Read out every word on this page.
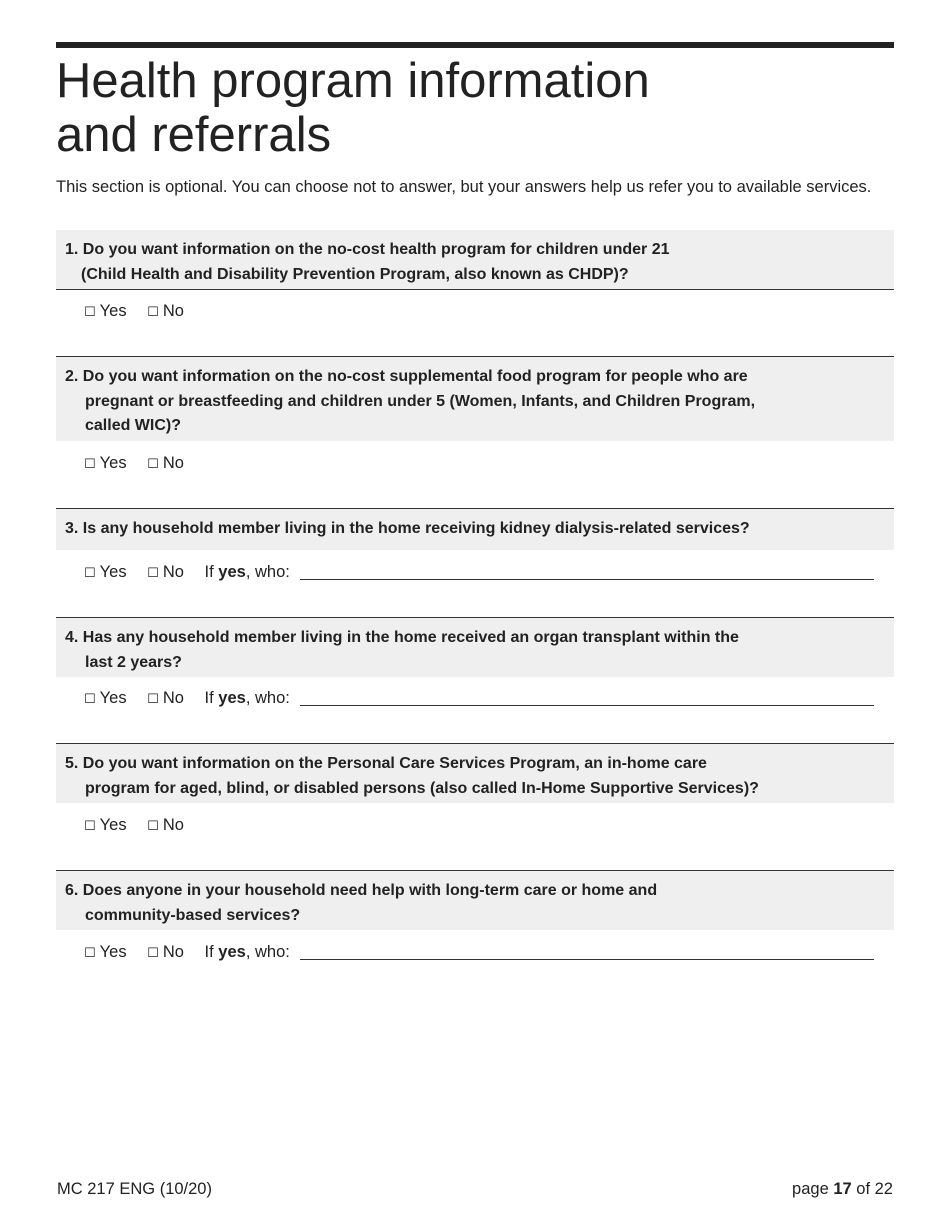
Health program information
and referrals
This section is optional. You can choose not to answer, but your answers help us refer you to available services.
1. Do you want information on the no-cost health program for children under 21
(Child Health and Disability Prevention Program, also known as CHDP)?
☐ Yes ☐ No
2. Do you want information on the no-cost supplemental food program for people who are
pregnant or breastfeeding and children under 5 (Women, Infants, and Children Program,
called WIC)?
☐ Yes ☐ No
3. Is any household member living in the home receiving kidney dialysis-related services?
☐ Yes ☐ No If yes, who:
4. Has any household member living in the home received an organ transplant within the
last 2 years?
☐ Yes ☐ No If yes, who:
5. Do you want information on the Personal Care Services Program, an in-home care
program for aged, blind, or disabled persons (also called In-Home Supportive Services)?
☐ Yes ☐ No
6. Does anyone in your household need help with long-term care or home and
community-based services?
☐ Yes ☐ No If yes, who:
MC 217 ENG (10/20)	page 17 of 22
